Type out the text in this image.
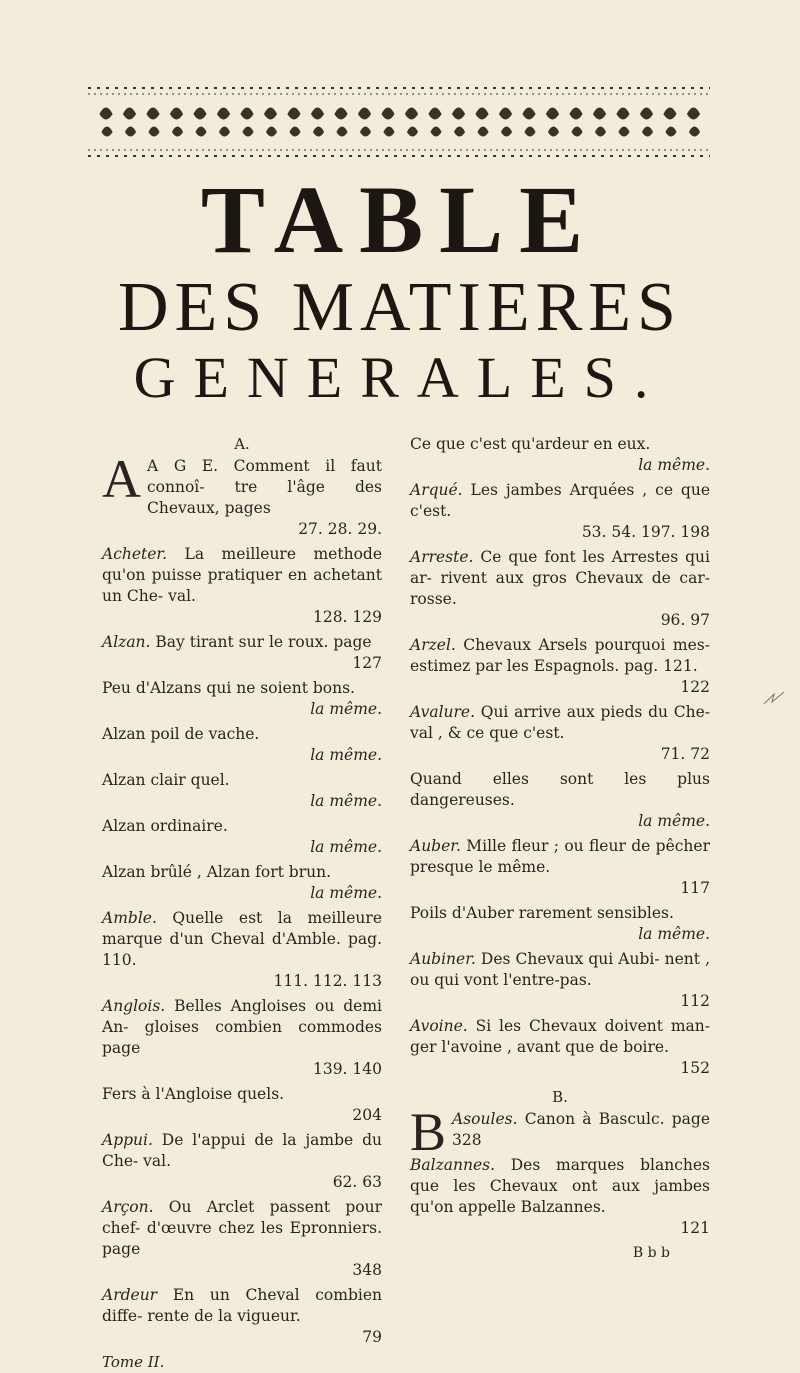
TABLE
DES MATIERES
GENERALES.
A.
A A G E. Comment il faut connoî- tre l'âge des Chevaux, pages
27. 28. 29.
Acheter. La meilleure methode qu'on puisse pratiquer en achetant un Che- val.
128. 129
Alzan. Bay tirant sur le roux. page
127
Peu d'Alzans qui ne soient bons.
la même.
Alzan poil de vache.
la même.
Alzan clair quel.
la même.
Alzan ordinaire.
la même.
Alzan brûlé , Alzan fort brun.
la même.
Amble. Quelle est la meilleure marque d'un Cheval d'Amble. pag. 110.
111. 112. 113
Anglois. Belles Angloises ou demi An- gloises combien commodes page
139. 140
Fers à l'Angloise quels.
204
Appui. De l'appui de la jambe du Che- val.
62. 63
Arçon. Ou Arclet passent pour chef- d'œuvre chez les Epronniers. page
348
Ardeur En un Cheval combien diffe- rente de la vigueur.
79
Tome II.
Ce que c'est qu'ardeur en eux.
la même.
Arqué. Les jambes Arquées , ce que c'est.
53. 54. 197. 198
Arreste. Ce que font les Arrestes qui ar- rivent aux gros Chevaux de car- rosse.
96. 97
Arzel. Chevaux Arsels pourquoi mes- estimez par les Espagnols. pag. 121.
122
Avalure. Qui arrive aux pieds du Che- val , & ce que c'est.
71. 72
Quand elles sont les plus dangereuses.
la même.
Auber. Mille fleur ; ou fleur de pêcher presque le même.
117
Poils d'Auber rarement sensibles.
la même.
Aubiner. Des Chevaux qui Aubi- nent , ou qui vont l'entre-pas.
112
Avoine. Si les Chevaux doivent man- ger l'avoine , avant que de boire.
152
B.
B Asoules. Canon à Basculc. page 328
Balzannes. Des marques blanches que les Chevaux ont aux jambes qu'on appelle Balzannes.
121
B b b
